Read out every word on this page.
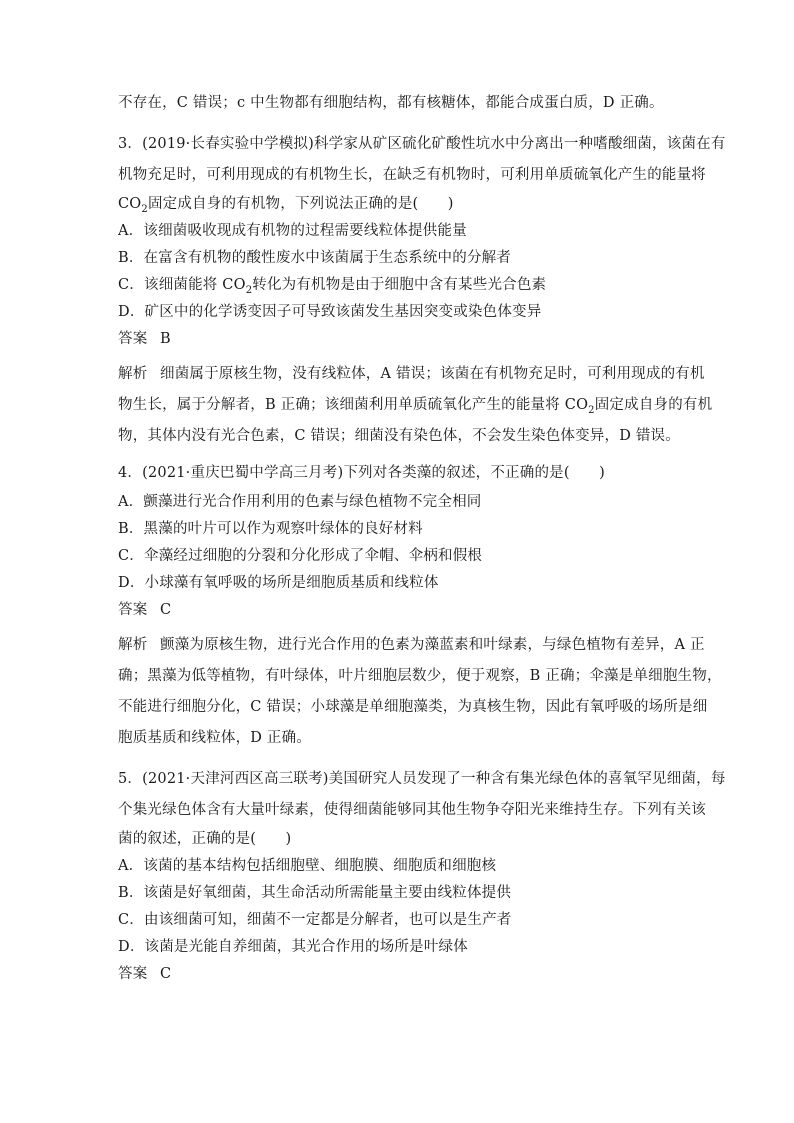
不存在，C 错误；c 中生物都有细胞结构，都有核糖体，都能合成蛋白质，D 正确。
3．(2019·长春实验中学模拟)科学家从矿区硫化矿酸性坑水中分离出一种嗜酸细菌，该菌在有
机物充足时，可利用现成的有机物生长，在缺乏有机物时，可利用单质硫氧化产生的能量将
$CO_2$固定成自身的有机物，下列说法正确的是(　　)
A．该细菌吸收现成有机物的过程需要线粒体提供能量
B．在富含有机物的酸性废水中该菌属于生态系统中的分解者
C．该细菌能将 $CO_2$转化为有机物是由于细胞中含有某些光合色素
D．矿区中的化学诱变因子可导致该菌发生基因突变或染色体变异
答案 B
解析 细菌属于原核生物，没有线粒体，A 错误；该菌在有机物充足时，可利用现成的有机
物生长，属于分解者，B 正确；该细菌利用单质硫氧化产生的能量将 $CO_2$固定成自身的有机
物，其体内没有光合色素，C 错误；细菌没有染色体，不会发生染色体变异，D 错误。
4．(2021·重庆巴蜀中学高三月考)下列对各类藻的叙述，不正确的是(　　)
A．颤藻进行光合作用利用的色素与绿色植物不完全相同
B．黑藻的叶片可以作为观察叶绿体的良好材料
C．伞藻经过细胞的分裂和分化形成了伞帽、伞柄和假根
D．小球藻有氧呼吸的场所是细胞质基质和线粒体
答案 C
解析 颤藻为原核生物，进行光合作用的色素为藻蓝素和叶绿素，与绿色植物有差异，A 正
确；黑藻为低等植物，有叶绿体，叶片细胞层数少，便于观察，B 正确；伞藻是单细胞生物，
不能进行细胞分化，C 错误；小球藻是单细胞藻类，为真核生物，因此有氧呼吸的场所是细
胞质基质和线粒体，D 正确。
5．(2021·天津河西区高三联考)美国研究人员发现了一种含有集光绿色体的喜氧罕见细菌，每
个集光绿色体含有大量叶绿素，使得细菌能够同其他生物争夺阳光来维持生存。下列有关该
菌的叙述，正确的是(　　)
A．该菌的基本结构包括细胞壁、细胞膜、细胞质和细胞核
B．该菌是好氧细菌，其生命活动所需能量主要由线粒体提供
C．由该细菌可知，细菌不一定都是分解者，也可以是生产者
D．该菌是光能自养细菌，其光合作用的场所是叶绿体
答案 C
